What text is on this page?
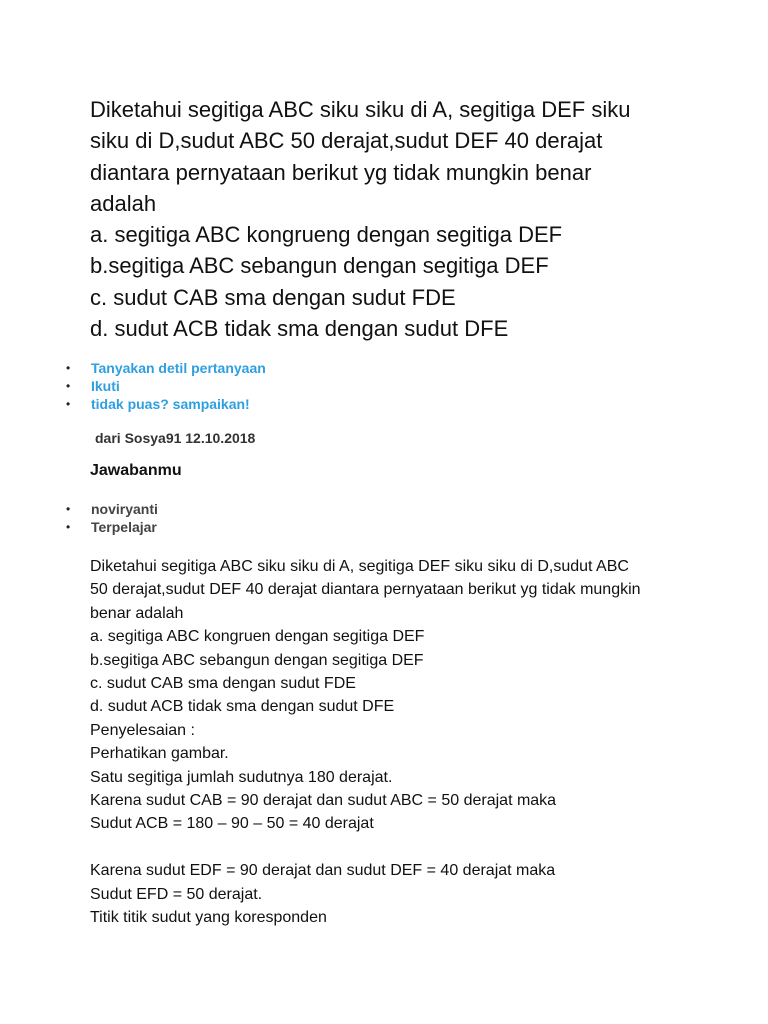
Diketahui segitiga ABC siku siku di A, segitiga DEF siku
siku di D,sudut ABC 50 derajat,sudut DEF 40 derajat
diantara pernyataan berikut yg tidak mungkin benar
adalah
a. segitiga ABC kongrueng dengan segitiga DEF
b.segitiga ABC sebangun dengan segitiga DEF
c. sudut CAB sma dengan sudut FDE
d. sudut ACB tidak sma dengan sudut DFE
• Tanyakan detil pertanyaan
• Ikuti
• tidak puas? sampaikan!
dari Sosya91 12.10.2018
Jawabanmu
• noviryanti
• Terpelajar
Diketahui segitiga ABC siku siku di A, segitiga DEF siku siku di D,sudut ABC
50 derajat,sudut DEF 40 derajat diantara pernyataan berikut yg tidak mungkin
benar adalah
a. segitiga ABC kongruen dengan segitiga DEF
b.segitiga ABC sebangun dengan segitiga DEF
c. sudut CAB sma dengan sudut FDE
d. sudut ACB tidak sma dengan sudut DFE
Penyelesaian :
Perhatikan gambar.
Satu segitiga jumlah sudutnya 180 derajat.
Karena sudut CAB = 90 derajat dan sudut ABC = 50 derajat maka
Sudut ACB = 180 – 90 – 50 = 40 derajat
Karena sudut EDF = 90 derajat dan sudut DEF = 40 derajat maka
Sudut EFD = 50 derajat.
Titik titik sudut yang koresponden
